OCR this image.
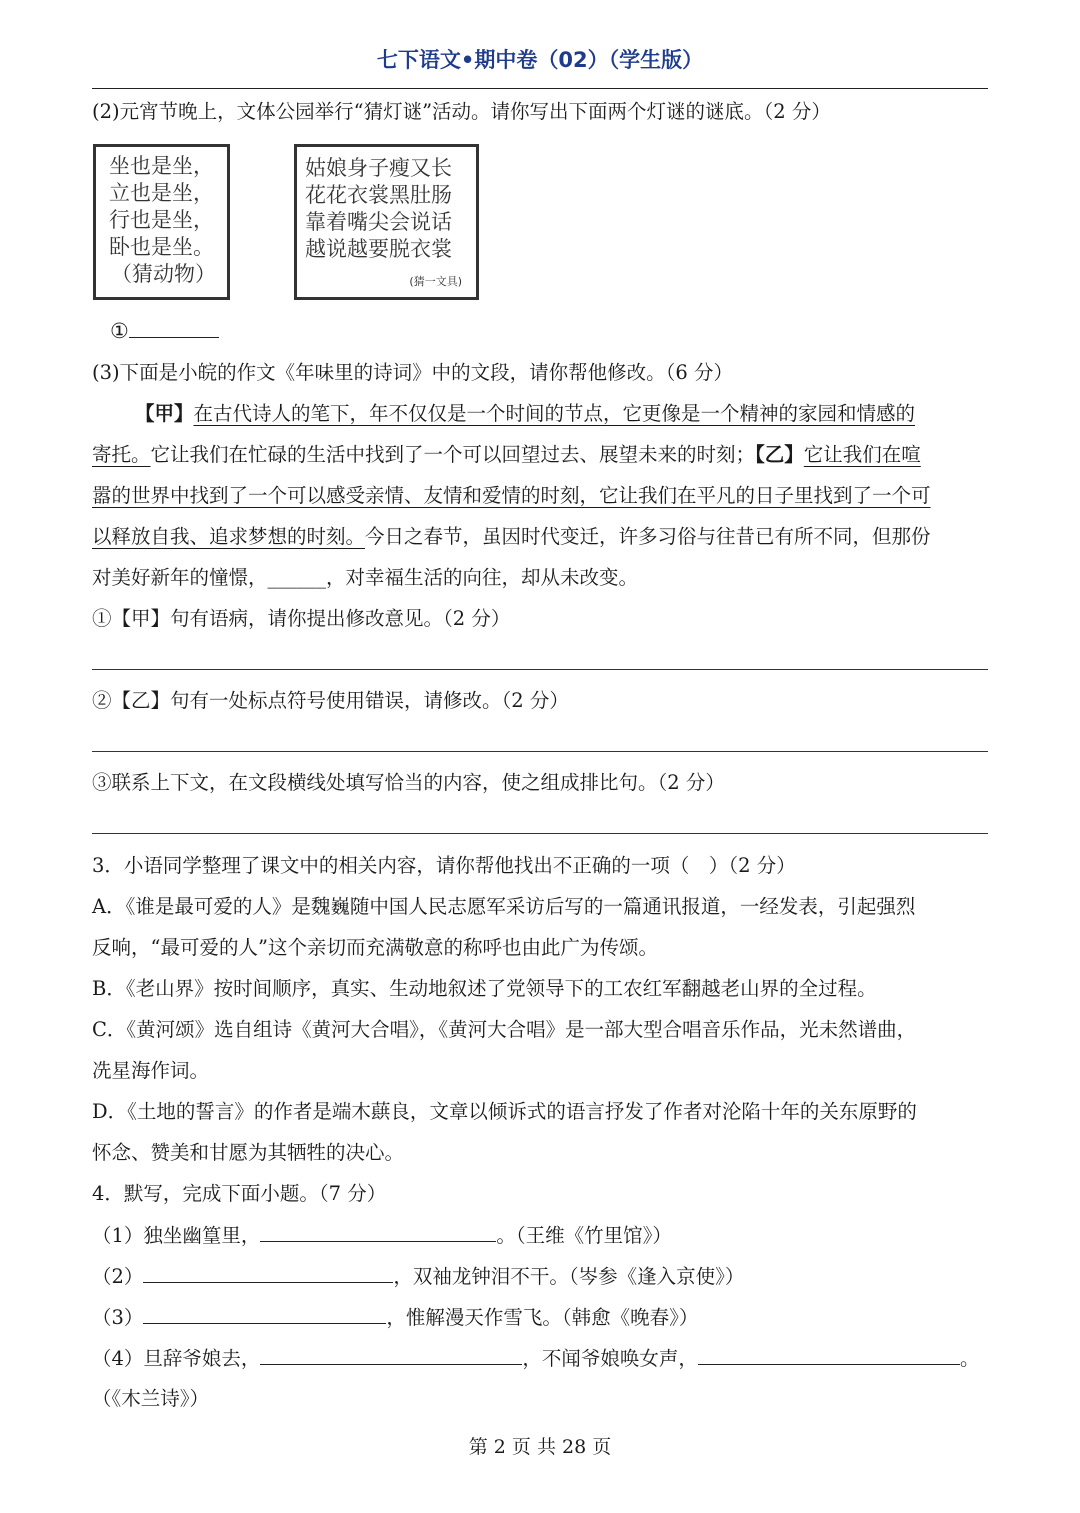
七下语文•期中卷（02）（学生版）
(2)元宵节晚上，文体公园举行“猜灯谜”活动。请你写出下面两个灯谜的谜底。（2 分）
坐也是坐，
立也是坐，
行也是坐，
卧也是坐。
（猜动物）
姑娘身子瘦又长
花花衣裳黑肚肠
靠着嘴尖会说话
越说越要脱衣裳
(猜一文具)
①
(3)下面是小皖的作文《年味里的诗词》中的文段，请你帮他修改。（6 分）
【甲】在古代诗人的笔下，年不仅仅是一个时间的节点，它更像是一个精神的家园和情感的
寄托。它让我们在忙碌的生活中找到了一个可以回望过去、展望未来的时刻；【乙】它让我们在喧
嚣的世界中找到了一个可以感受亲情、友情和爱情的时刻，它让我们在平凡的日子里找到了一个可
以释放自我、追求梦想的时刻。今日之春节，虽因时代变迁，许多习俗与往昔已有所不同，但那份
对美好新年的憧憬，______，对幸福生活的向往，却从未改变。
①【甲】句有语病，请你提出修改意见。（2 分）
②【乙】句有一处标点符号使用错误，请修改。（2 分）
③联系上下文，在文段横线处填写恰当的内容，使之组成排比句。（2 分）
3．小语同学整理了课文中的相关内容，请你帮他找出不正确的一项（　）（2 分）
A．《谁是最可爱的人》是魏巍随中国人民志愿军采访后写的一篇通讯报道，一经发表，引起强烈
反响，“最可爱的人”这个亲切而充满敬意的称呼也由此广为传颂。
B．《老山界》按时间顺序，真实、生动地叙述了党领导下的工农红军翻越老山界的全过程。
C．《黄河颂》选自组诗《黄河大合唱》，《黄河大合唱》是一部大型合唱音乐作品，光未然谱曲，
冼星海作词。
D．《土地的誓言》的作者是端木蕻良，文章以倾诉式的语言抒发了作者对沦陷十年的关东原野的
怀念、赞美和甘愿为其牺牲的决心。
4．默写，完成下面小题。（7 分）
（1）独坐幽篁里，	。（王维《竹里馆》）
（2）	，双袖龙钟泪不干。（岑参《逢入京使》）
（3）	，惟解漫天作雪飞。（韩愈《晚春》）
（4）旦辞爷娘去，	，不闻爷娘唤女声，	。
（《木兰诗》）
第 2 页 共 28 页
